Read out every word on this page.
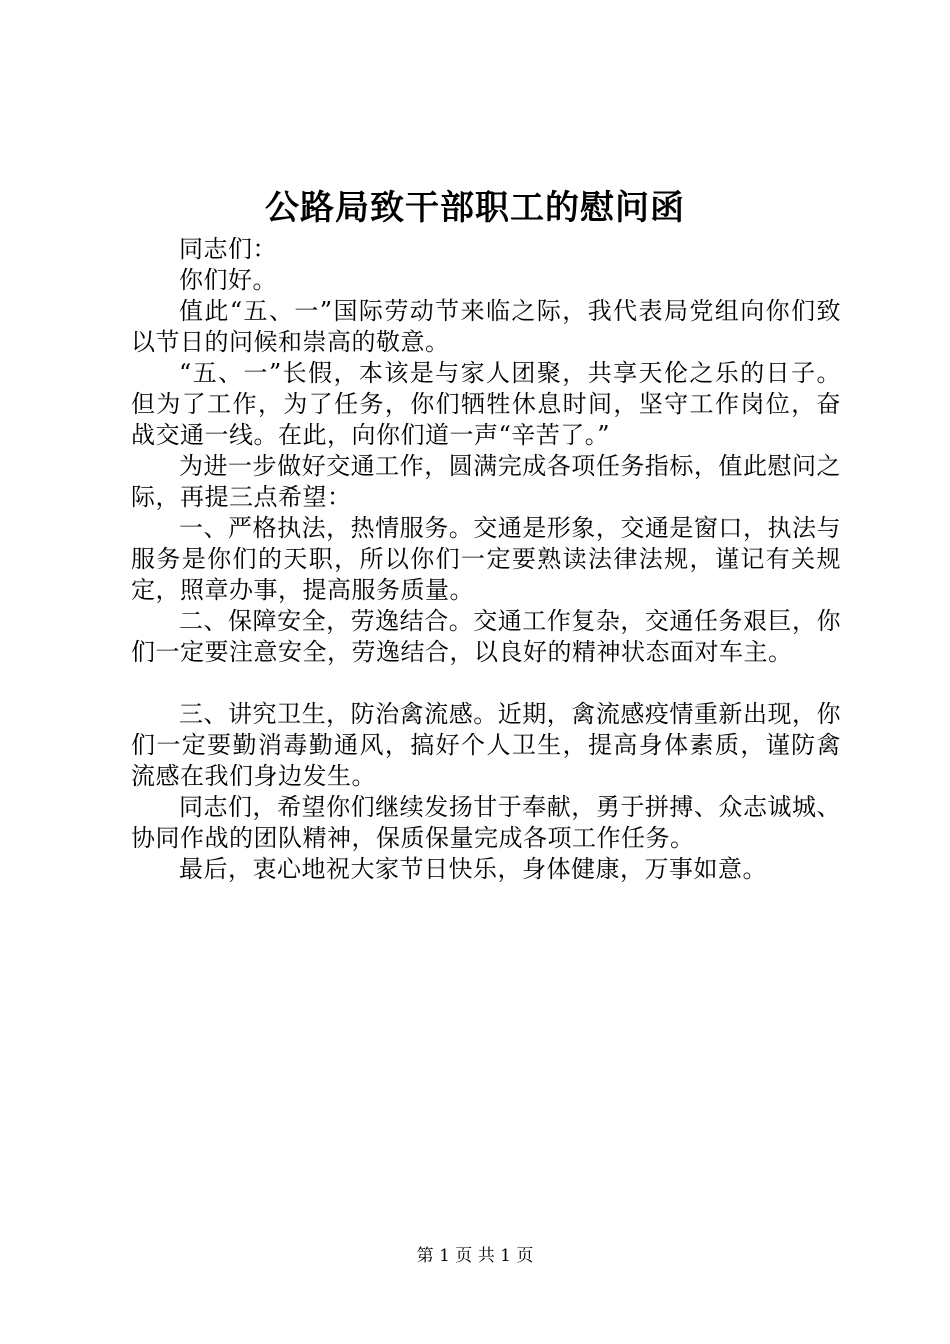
公路局致干部职工的慰问函

同志们：

你们好。

值此“五、一”国际劳动节来临之际，我代表局党组向你们致以节日的问候和崇高的敬意。

“五、一”长假，本该是与家人团聚，共享天伦之乐的日子。但为了工作，为了任务，你们牺牲休息时间，坚守工作岗位，奋战交通一线。在此，向你们道一声“辛苦了。”

为进一步做好交通工作，圆满完成各项任务指标，值此慰问之际，再提三点希望：

一、严格执法，热情服务。交通是形象，交通是窗口，执法与服务是你们的天职，所以你们一定要熟读法律法规，谨记有关规定，照章办事，提高服务质量。

二、保障安全，劳逸结合。交通工作复杂，交通任务艰巨，你们一定要注意安全，劳逸结合，以良好的精神状态面对车主。

三、讲究卫生，防治禽流感。近期，禽流感疫情重新出现，你们一定要勤消毒勤通风，搞好个人卫生，提高身体素质，谨防禽流感在我们身边发生。

同志们，希望你们继续发扬甘于奉献，勇于拼搏、众志诚城、协同作战的团队精神，保质保量完成各项工作任务。

最后，衷心地祝大家节日快乐，身体健康，万事如意。

第 1 页 共 1 页
